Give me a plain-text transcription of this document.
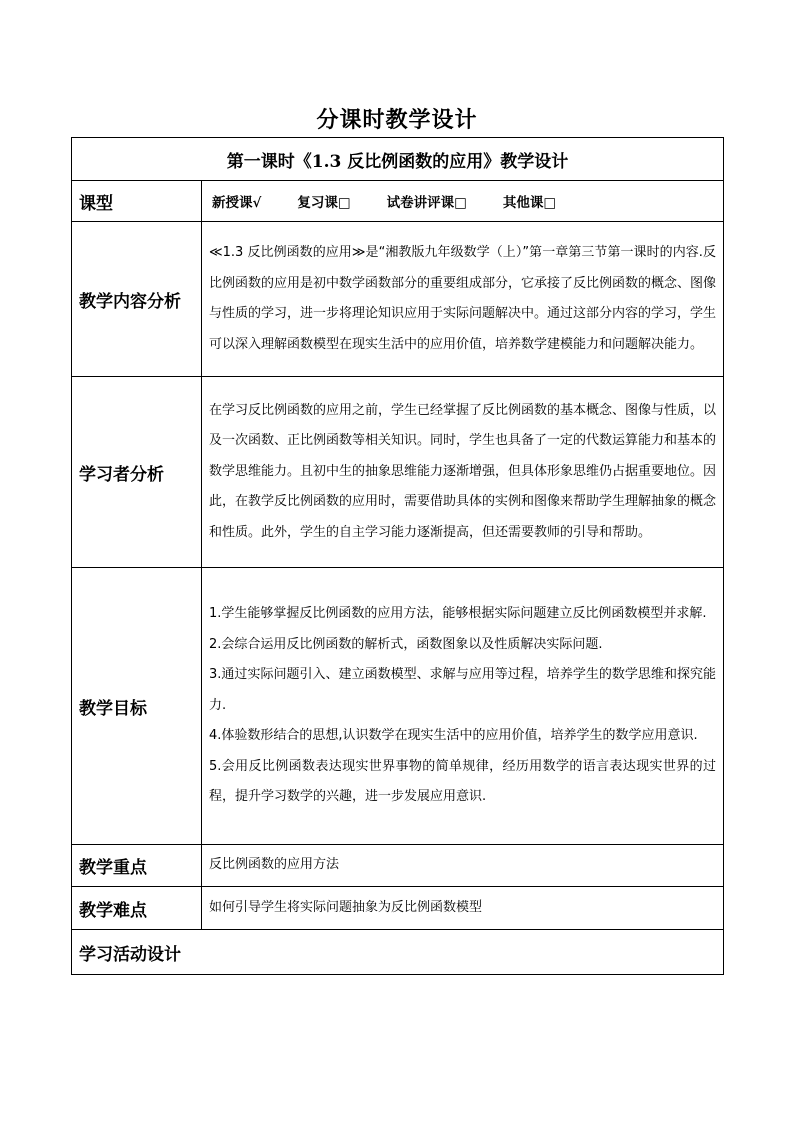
分课时教学设计
第一课时《1.3 反比例函数的应用》教学设计	
课型	新授课√ 复习课□ 试卷讲评课□ 其他课□

教学内容分析	≪1.3 反比例函数的应用≫是“湘教版九年级数学（上）”第一章第三节第一课时的内容.反比例函数的应用是初中数学函数部分的重要组成部分，它承接了反比例函数的概念、图像与性质的学习，进一步将理论知识应用于实际问题解决中。通过这部分内容的学习，学生可以深入理解函数模型在现实生活中的应用价值，培养数学建模能力和问题解决能力。
学习者分析	在学习反比例函数的应用之前，学生已经掌握了反比例函数的基本概念、图像与性质，以及一次函数、正比例函数等相关知识。同时，学生也具备了一定的代数运算能力和基本的数学思维能力。且初中生的抽象思维能力逐渐增强，但具体形象思维仍占据重要地位。因此，在教学反比例函数的应用时，需要借助具体的实例和图像来帮助学生理解抽象的概念和性质。此外，学生的自主学习能力逐渐提高，但还需要教师的引导和帮助。
教学目标	1.学生能够掌握反比例函数的应用方法，能够根据实际问题建立反比例函数模型并求解.

2.会综合运用反比例函数的解析式，函数图象以及性质解决实际问题.

3.通过实际问题引入、建立函数模型、求解与应用等过程，培养学生的数学思维和探究能力.

4.体验数形结合的思想,认识数学在现实生活中的应用价值，培养学生的数学应用意识.

5.会用反比例函数表达现实世界事物的简单规律，经历用数学的语言表达现实世界的过程，提升学习数学的兴趣，进一步发展应用意识.

教学重点	反比例函数的应用方法
教学难点	如何引导学生将实际问题抽象为反比例函数模型
学习活动设计	
